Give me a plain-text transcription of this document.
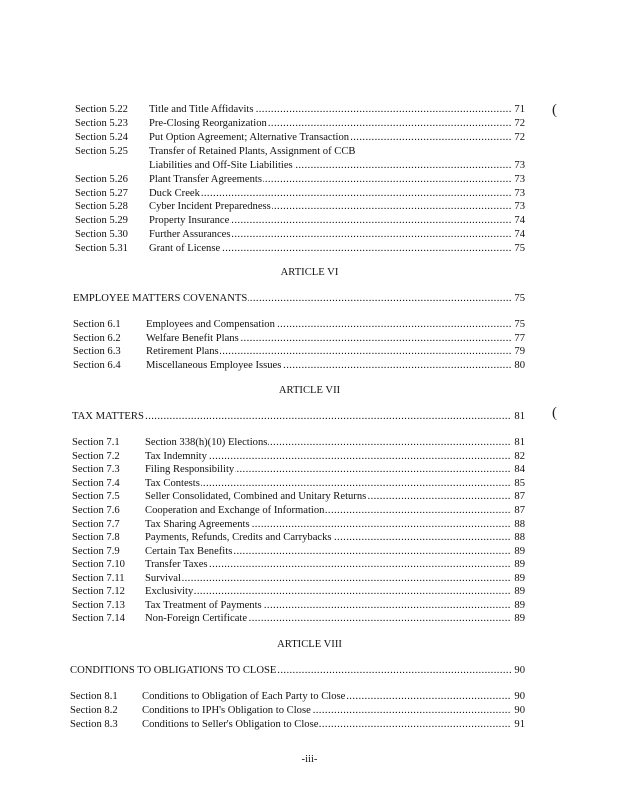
Section 5.22 Title and Title Affidavits .....	71
Section 5.23 Pre-Closing Reorganization .....	72
Section 5.24 Put Option Agreement; Alternative Transaction .....	72
Section 5.25 Transfer of Retained Plants, Assignment of CCB
Liabilities and Off-Site Liabilities .....	73
Section 5.26 Plant Transfer Agreements .....	73
Section 5.27 Duck Creek .....	73
Section 5.28 Cyber Incident Preparedness .....	73
Section 5.29 Property Insurance .....	74
Section 5.30 Further Assurances .....	74
Section 5.31 Grant of License .....	75
(
ARTICLE VI
EMPLOYEE MATTERS COVENANTS .....	75
Section 6.1 Employees and Compensation .....	75
Section 6.2 Welfare Benefit Plans .....	77
Section 6.3 Retirement Plans .....	79
Section 6.4 Miscellaneous Employee Issues .....	80
ARTICLE VII
TAX MATTERS .....	81 (
Section 7.1 Section 338(h)(10) Elections .....	81
Section 7.2 Tax Indemnity .....	82
Section 7.3 Filing Responsibility .....	84
Section 7.4 Tax Contests .....	85
Section 7.5 Seller Consolidated, Combined and Unitary Returns .....	87
Section 7.6 Cooperation and Exchange of Information .....	87
Section 7.7 Tax Sharing Agreements .....	88
Section 7.8 Payments, Refunds, Credits and Carrybacks .....	88
Section 7.9 Certain Tax Benefits .....	89
Section 7.10 Transfer Taxes .....	89
Section 7.11 Survival .....	89
Section 7.12 Exclusivity .....	89
Section 7.13 Tax Treatment of Payments .....	89
Section 7.14 Non-Foreign Certificate .....	89
ARTICLE VIII
CONDITIONS TO OBLIGATIONS TO CLOSE .....	90
Section 8.1 Conditions to Obligation of Each Party to Close .....	90
Section 8.2 Conditions to IPH's Obligation to Close .....	90
Section 8.3 Conditions to Seller's Obligation to Close .....	91
-iii-
